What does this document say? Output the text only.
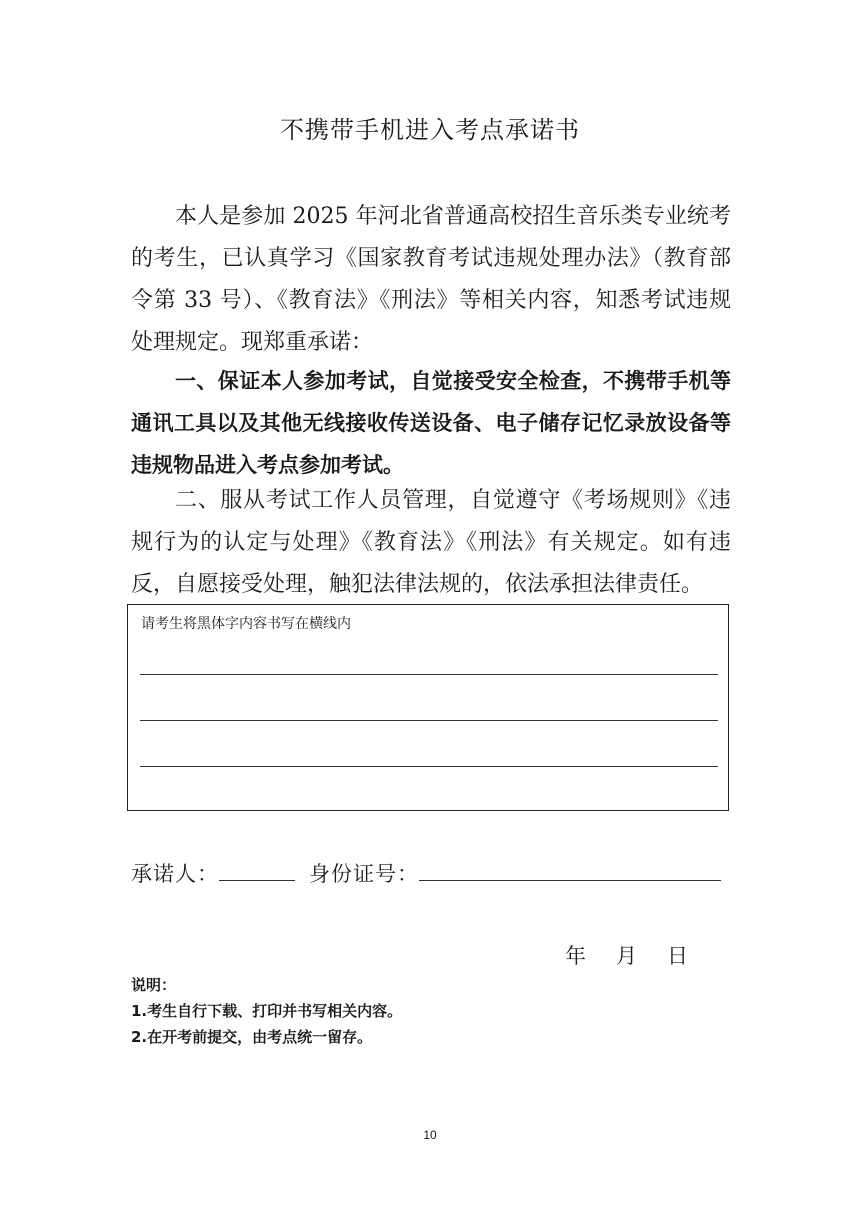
不携带手机进入考点承诺书

本人是参加 2025 年河北省普通高校招生音乐类专业统考的考生，已认真学习《国家教育考试违规处理办法》（教育部令第 33 号）、《教育法》《刑法》等相关内容，知悉考试违规处理规定。现郑重承诺：

一、保证本人参加考试，自觉接受安全检查，不携带手机等通讯工具以及其他无线接收传送设备、电子储存记忆录放设备等违规物品进入考点参加考试。

二、服从考试工作人员管理，自觉遵守《考场规则》《违规行为的认定与处理》《教育法》《刑法》有关规定。如有违反，自愿接受处理，触犯法律法规的，依法承担法律责任。

请考生将黑体字内容书写在横线内
承诺人：	身份证号：
年 月 日
说明：
1.考生自行下载、打印并书写相关内容。
2.在开考前提交，由考点统一留存。
10
